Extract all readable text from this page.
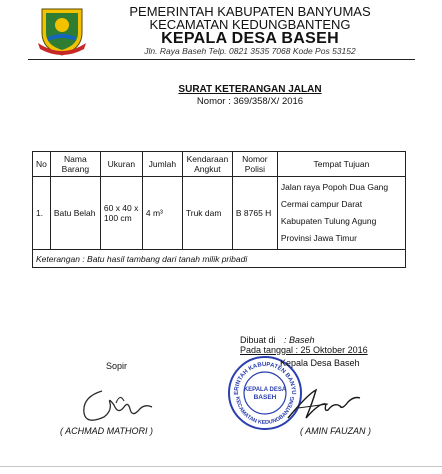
PEMERINTAH KABUPATEN BANYUMAS
KECAMATAN KEDUNGBANTENG
KEPALA DESA BASEH
Jln. Raya Baseh Telp. 0821 3535 7068 Kode Pos 53152
SURAT KETERANGAN JALAN
Nomor : 369/358/X/ 2016
No	Nama Barang	Ukuran	Jumlah	Kendaraan Angkut	Nomor Polisi	Tempat Tujuan
1.	Batu Belah	60 x 40 x 100 cm	4 m³	Truk dam	B 8765 H	Jalan raya Popoh Dua Gang Cermai campur Darat Kabupaten Tulung Agung Provinsi Jawa Timur
Keterangan : Batu hasil tambang dari tanah milik pribadi						
Dibuat di : Baseh
Pada tanggal : 25 Oktober 2016
ERINTAH KABUPATEN BANYU
KECAMATAN KEDUNGBANTENG
KEPALA DESA
BASEH
Kepala Desa Baseh
Sopir
( ACHMAD MATHORI )	( AMIN FAUZAN )
